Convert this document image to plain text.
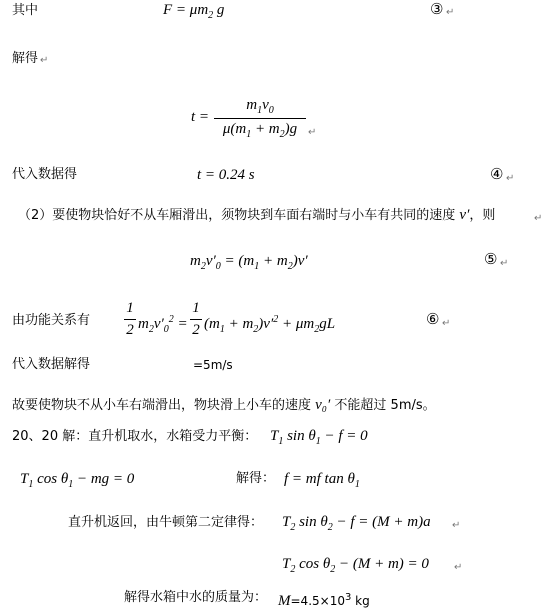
其中	$F = \mu m_2$ g	③ ↵
解得 ↵
t =
$m_1v_0$
$\mu(m_1 + m_2)g$	↵
代入数据得	t = 0.24 s	④ ↵
（2）要使物块恰好不从车厢滑出，须物块到车面右端时与小车有共同的速度 v′，则	↵
$m_2v'_0 = (m_1 + m_2)v'$	⑤ ↵
由功能关系有
1
2 $m_2v'_0^2$ =
1
2 $(m_1 + m_2)v'^2 + \mu m_2gL$	⑥ ↵
代入数据解得	=5m/s
故要使物块不从小车右端滑出，物块滑上小车的速度 v₀′ 不能超过 5m/s。
20、20 解：直升机取水，水箱受力平衡： $T_1$ $\sin \theta_1 - f = 0$
$T_1$ $\cos \theta_1$ − mg = 0	解得： f = mf $\tan \theta_1$
直升机返回，由牛顿第二定律得： $T_2$ $\sin \theta_2 - f = (M + m)a$ ↵
$T_2$ $\cos \theta_2 - (M + m) = 0$	↵
解得水箱中水的质量为： $M=4.5\times 10^3$ kg
